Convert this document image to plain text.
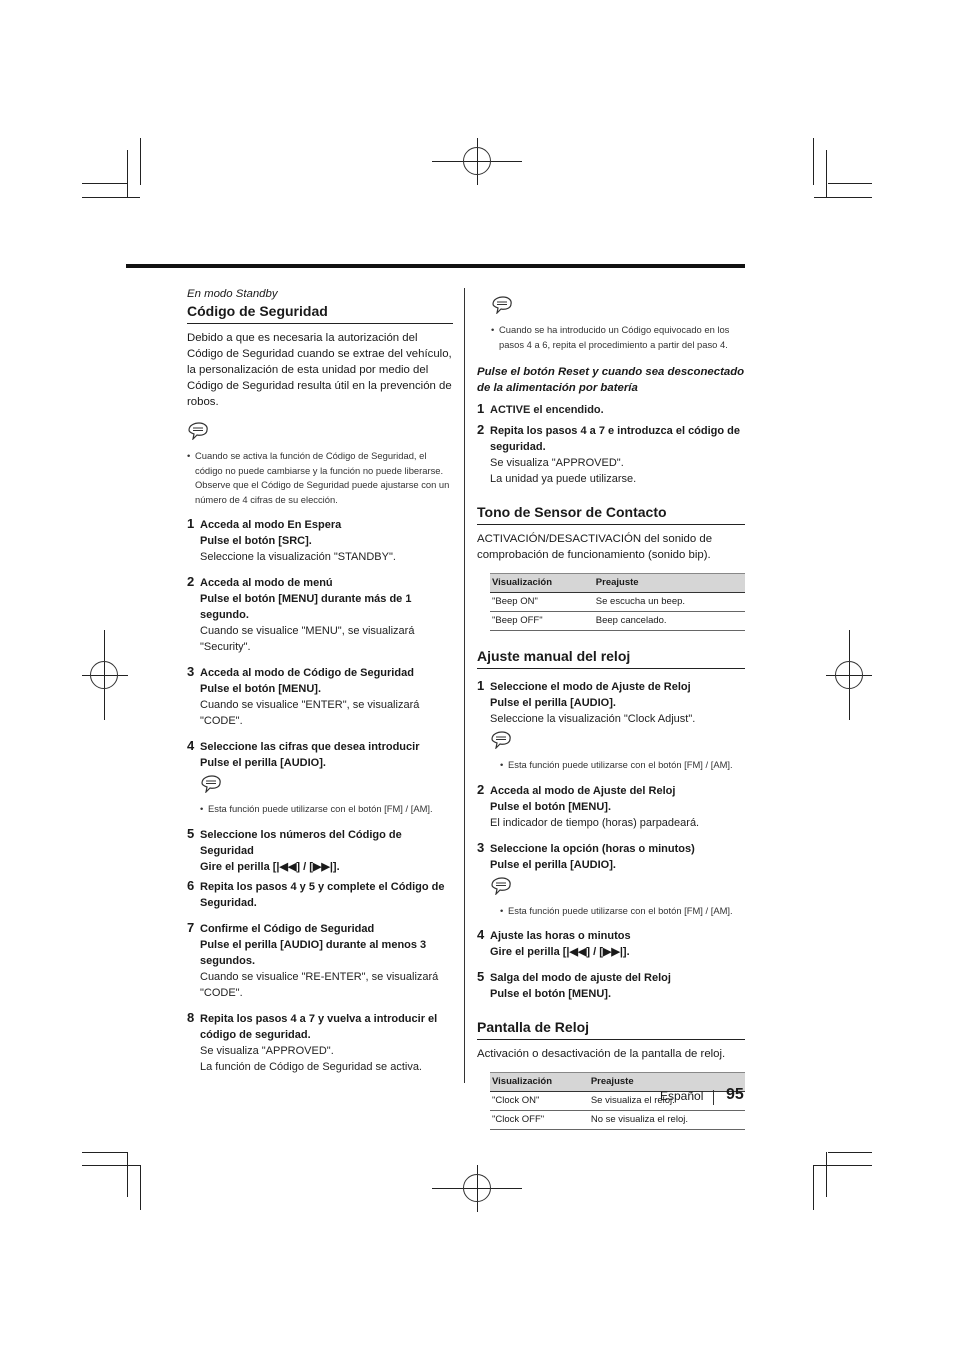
En modo Standby

Código de Seguridad

Debido a que es necesaria la autorización del Código de Seguridad cuando se extrae del vehículo, la personalización de esta unidad por medio del Código de Seguridad resulta útil en la prevención de robos.

• Cuando se activa la función de Código de Seguridad, el código no puede cambiarse y la función no puede liberarse.

Observe que el Código de Seguridad puede ajustarse con un número de 4 cifras de su elección.

1 Acceda al modo En Espera
Pulse el botón [SRC].
Seleccione la visualización "STANDBY".
2 Acceda al modo de menú
Pulse el botón [MENU] durante más de 1 segundo.
Cuando se visualice "MENU", se visualizará "Security".
3 Acceda al modo de Código de Seguridad
Pulse el botón [MENU].
Cuando se visualice "ENTER", se visualizará "CODE".
4 Seleccione las cifras que desea introducir
Pulse el perilla [AUDIO].
• Esta función puede utilizarse con el botón [FM] / [AM].

5 Seleccione los números del Código de Seguridad
Gire el perilla [|◀◀] / [▶▶|].
6 Repita los pasos 4 y 5 y complete el Código de Seguridad.
7 Confirme el Código de Seguridad
Pulse el perilla [AUDIO] durante al menos 3 segundos.
Cuando se visualice "RE-ENTER", se visualizará "CODE".
8 Repita los pasos 4 a 7 y vuelva a introducir el código de seguridad.
Se visualiza "APPROVED".
La función de Código de Seguridad se activa.
• Cuando se ha introducido un Código equivocado en los pasos 4 a 6, repita el procedimiento a partir del paso 4.

Pulse el botón Reset y cuando sea desconectado de la alimentación por batería

1 ACTIVE el encendido.
2 Repita los pasos 4 a 7 e introduzca el código de seguridad.
Se visualiza "APPROVED".
La unidad ya puede utilizarse.
Tono de Sensor de Contacto

ACTIVACIÓN/DESACTIVACIÓN del sonido de comprobación de funcionamiento (sonido bip).

Visualización	Preajuste
"Beep ON"	Se escucha un beep.
"Beep OFF"	Beep cancelado.
Ajuste manual del reloj
1 Seleccione el modo de Ajuste de Reloj
Pulse el perilla [AUDIO].
Seleccione la visualización "Clock Adjust".
• Esta función puede utilizarse con el botón [FM] / [AM].

2 Acceda al modo de Ajuste del Reloj
Pulse el botón [MENU].
El indicador de tiempo (horas) parpadeará.
3 Seleccione la opción (horas o minutos)
Pulse el perilla [AUDIO].
• Esta función puede utilizarse con el botón [FM] / [AM].

4 Ajuste las horas o minutos
Gire el perilla [|◀◀] / [▶▶|].
5 Salga del modo de ajuste del Reloj
Pulse el botón [MENU].
Pantalla de Reloj

Activación o desactivación de la pantalla de reloj.

Visualización	Preajuste
"Clock ON"	Se visualiza el reloj.
"Clock OFF"	No se visualiza el reloj.
Español 95
